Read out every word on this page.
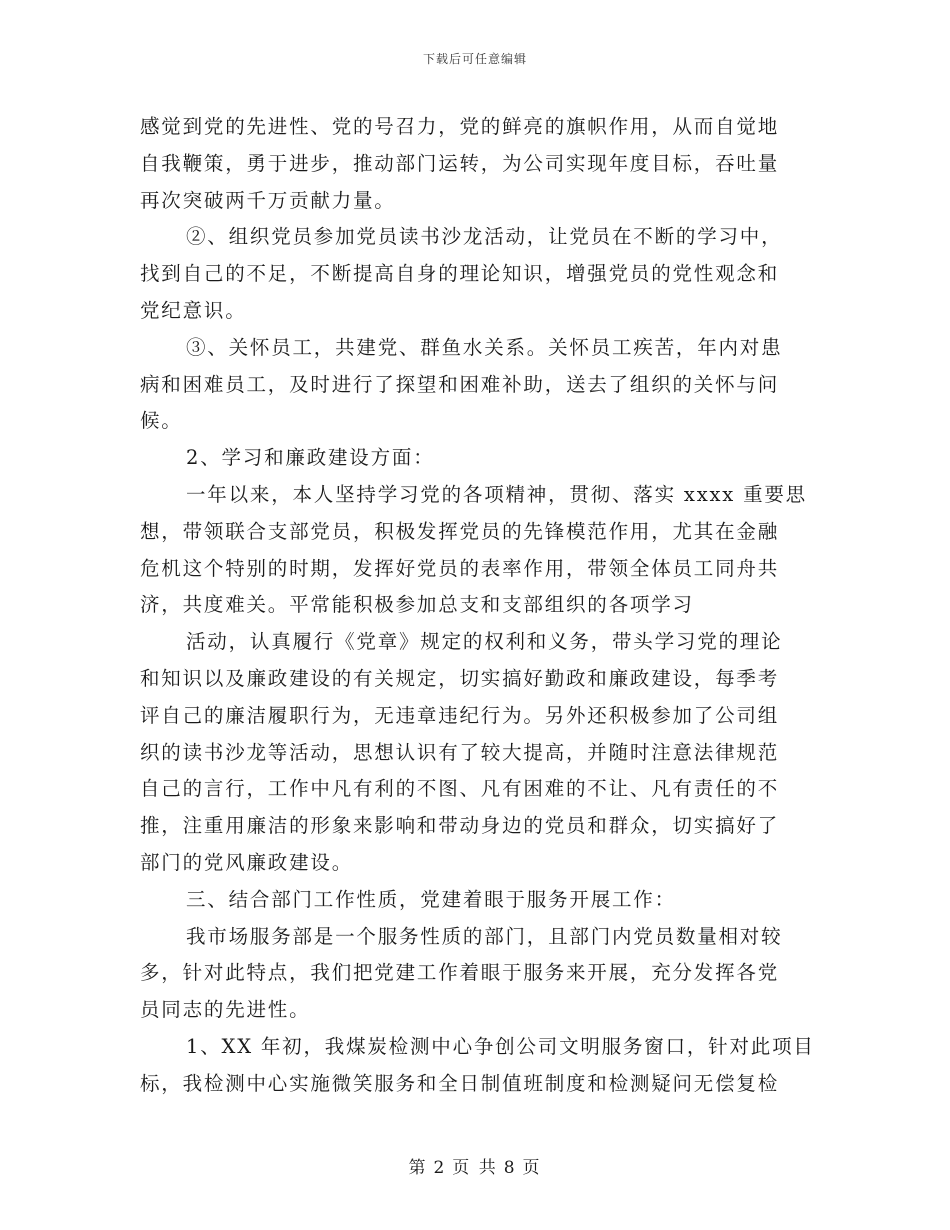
下载后可任意编辑
感觉到党的先进性、党的号召力，党的鲜亮的旗帜作用，从而自觉地
自我鞭策，勇于进步，推动部门运转，为公司实现年度目标，吞吐量
再次突破两千万贡献力量。
②、组织党员参加党员读书沙龙活动，让党员在不断的学习中，
找到自己的不足，不断提高自身的理论知识，增强党员的党性观念和
党纪意识。
③、关怀员工，共建党、群鱼水关系。关怀员工疾苦，年内对患
病和困难员工，及时进行了探望和困难补助，送去了组织的关怀与问
候。
2、学习和廉政建设方面：
一年以来，本人坚持学习党的各项精神，贯彻、落实 xxxx 重要思
想，带领联合支部党员，积极发挥党员的先锋模范作用，尤其在金融
危机这个特别的时期，发挥好党员的表率作用，带领全体员工同舟共
济，共度难关。平常能积极参加总支和支部组织的各项学习
活动，认真履行《党章》规定的权利和义务，带头学习党的理论
和知识以及廉政建设的有关规定，切实搞好勤政和廉政建设，每季考
评自己的廉洁履职行为，无违章违纪行为。另外还积极参加了公司组
织的读书沙龙等活动，思想认识有了较大提高，并随时注意法律规范
自己的言行，工作中凡有利的不图、凡有困难的不让、凡有责任的不
推，注重用廉洁的形象来影响和带动身边的党员和群众，切实搞好了
部门的党风廉政建设。
三、结合部门工作性质，党建着眼于服务开展工作：
我市场服务部是一个服务性质的部门，且部门内党员数量相对较
多，针对此特点，我们把党建工作着眼于服务来开展，充分发挥各党
员同志的先进性。
1、XX 年初，我煤炭检测中心争创公司文明服务窗口，针对此项目
标，我检测中心实施微笑服务和全日制值班制度和检测疑问无偿复检
第 2 页 共 8 页
